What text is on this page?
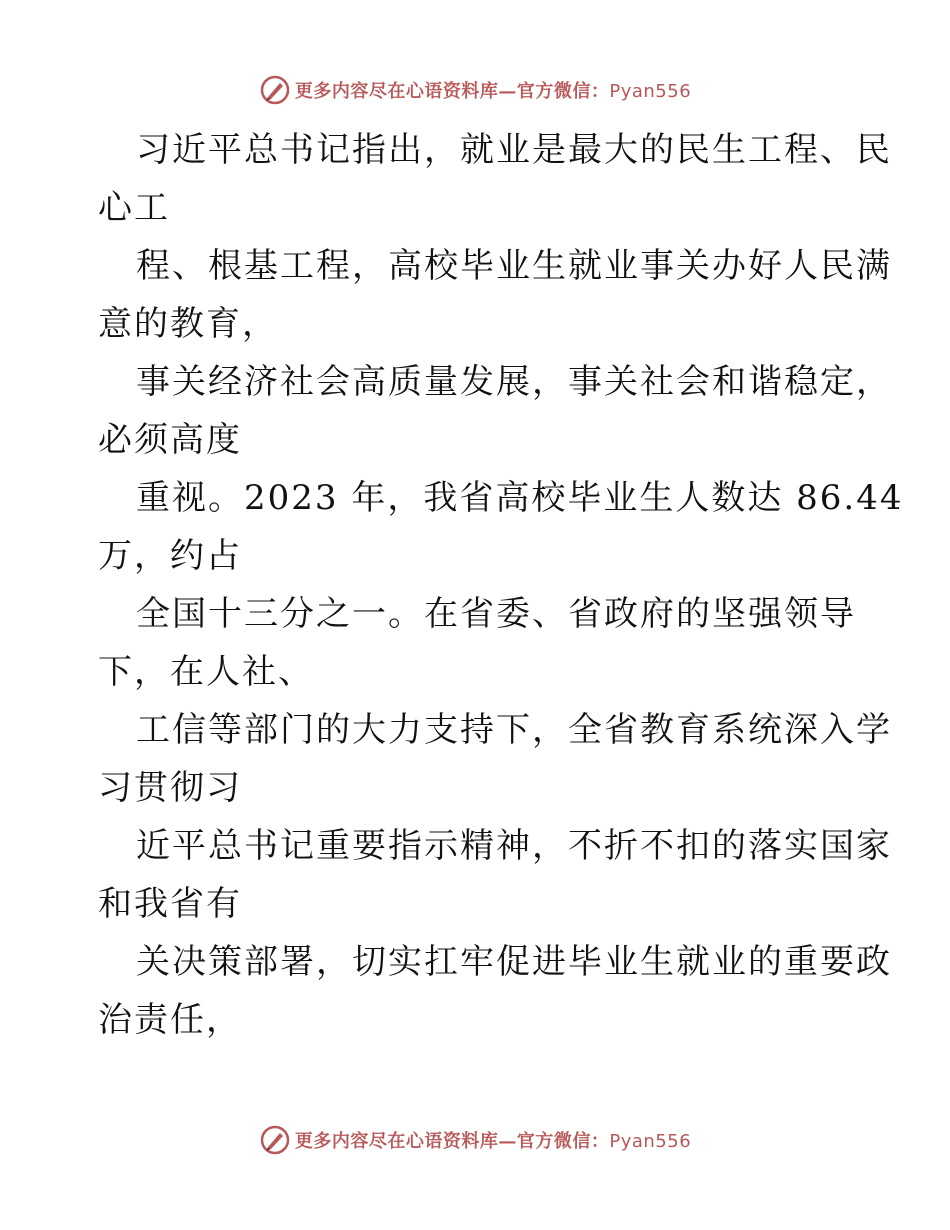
更多内容尽在心语资料库—官方微信：Pyan556
习近平总书记指出，就业是最大的民生工程、民
心工
程、根基工程，高校毕业生就业事关办好人民满
意的教育，
事关经济社会高质量发展，事关社会和谐稳定，
必须高度
重视。2023 年，我省高校毕业生人数达 86.44
万，约占
全国十三分之一。在省委、省政府的坚强领导
下，在人社、
工信等部门的大力支持下，全省教育系统深入学
习贯彻习
近平总书记重要指示精神，不折不扣的落实国家
和我省有
关决策部署，切实扛牢促进毕业生就业的重要政
治责任，
更多内容尽在心语资料库—官方微信：Pyan556
